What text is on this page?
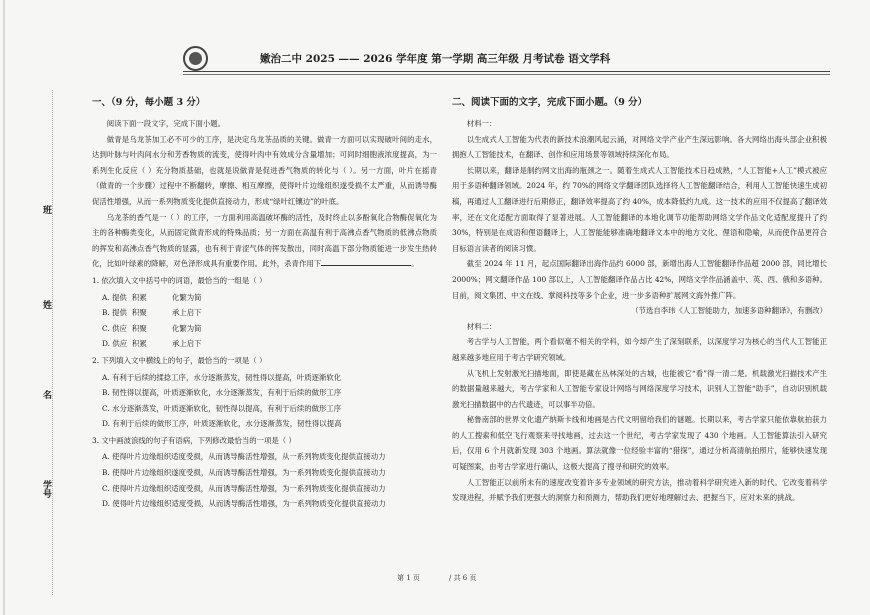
班
姓
名
学号
嫩治二中 2025 —— 2026 学年度 第一学期 高三年级 月考试卷 语文学科
一、（9 分，每小题 3 分）

阅读下面一段文字，完成下面小题。

做青是乌龙茶加工必不可少的工序，是决定乌龙茶品质的关键。做青一方面可以实现破叶间的走水，达到叶脉与叶肉间水分和芳香物质的流变，使得叶肉中有效成分含量增加；可同时细胞液浓度提高，为一系列生化反应（ ）充分物质基础，也就是说做青是促进香气物质的转化与（ ）。另一方面，叶片在摇青（做青的一个步骤）过程中不断翻转，摩擦、相互摩擦，使得叶片边缘组织遂受损不太严重，从而诱导酶促活性增强，从而一系列物质变化提供直接动力，形成“绿叶红镶边”的叶底。

乌龙茶的香气是一（ ）的工序，一方面利用高温破坏酶的活性，及时终止以多酚氧化合物酶促氧化为主的各种酶类变化，从而固定做青形成的特殊品质；另一方面在高温有利于高沸点香气物质的低沸点物质的挥发和高沸点香气物质的显露，也有利于青涩气体的挥发散出，同时高温下部分物质能进一步发生热转化，比如叶绿素的降解，对色泽形成具有重要作用。此外，杀青作用下	。

1. 依次填入文中括号中的词语，最恰当的一组是（ ）

A. 提供 积累	化繁为简
B. 提供 积聚	承上启下
C. 供应 积聚	化繁为简
D. 供应 积累	承上启下

2. 下列填入文中横线上的句子，最恰当的一项是（ ）

A. 有利于后续的揉捻工序，水分逐渐蒸发，韧性得以提高，叶质逐渐软化

B. 韧性得以提高，叶质逐渐软化，水分逐渐蒸发，有利于后续的做形工序

C. 水分逐渐蒸发，叶质逐渐软化，韧性得以提高，有利于后续的做形工序

D. 有利于后续的做形工序，叶质逐渐软化，水分逐渐蒸发，韧性得以提高

3. 文中画波浪线的句子有语病，下列修改最恰当的一项是（ ）

A. 使得叶片边缘组织适度受损，从而诱导酶活性增强，从一系列物质变化提供直接动力

B. 使得叶片边缘组织遂度受损，从而诱导酶活性增强，为一系列物质变化提供直接动力

C. 使得叶片边缘组织适度受损，从而诱导酶活性增强，为一系列物质变化提供直接动力

D. 使得叶片边缘组织适度受损，从而诱导酶活性增强，为一系列物质变化提供直接动力

二、阅读下面的文字，完成下面小题。（9 分）

材料一：

以生成式人工智能为代表的新技术浪潮风起云涌，对网络文学产业产生深远影响。各大网络出海头部企业积极拥抱人工智能技术，在翻译、创作和应用场景等领域持续深化布局。

长期以来，翻译是制约网文出海的瓶颈之一。随着生成式人工智能技术日趋成熟，“人工智能+人工”模式被应用于多语种翻译领域。2024 年，约 70%的网络文学翻译团队选择将人工智能翻译结合，利用人工智能快速生成初稿，再通过人工翻译进行后期修正，翻译效率提高了约 40%，成本降低约九成。这一技术的应用不仅提高了翻译效率，还在文化适配方面取得了显著进展。人工智能翻译的本地化调节功能帮助网络文学作品文化适配度提升了约 30%，特别是在成语和俚语翻译上，人工智能能够准确地翻译文本中的地方文化、俚语和隐喻，从而使作品更符合目标语言读者的阅读习惯。

截至 2024 年 11 月，起点国际翻译出海作品约 6000 部，新增出海人工智能翻译作品超 2000 部，同比增长 2000%；网文翻译作品 100 部以上，人工智能翻译作品占比 42%，网络文学作品涵盖中、英、西、俄和多语种。目前，阅文集团、中文在线、掌阅科技等多个企业，进一步多语种扩展网文海外推广阵。

（节选自李玮《人工智能助力，加速多语种翻译》，有删改）

材料二：

考古学与人工智能，两个看似毫不相关的学科，如今却产生了深刻联系，以深度学习为核心的当代人工智能正越来越多地应用于考古学研究领域。

从飞机上发射激光扫描地面，即使是藏在丛林深处的古城，也能被它“看”得一清二楚。机载激光扫描技术产生的数据量越来越大，考古学家和人工智能专家设计网络与网络深度学习技术，识别人工智能“助手”，自动识别机载激光扫描数据中的古代遗迹，可以事半功倍。

秘鲁南部的世界文化遗产纳斯卡线和地画是古代文明留给我们的谜题。长期以来，考古学家只能依靠航拍获力的人工搜索和低空飞行观察来寻找地画，过去这一个世纪，考古学家发现了 430 个地画。人工智能算法引入研究后，仅用 6 个月就新发现 303 个地画。算法就像一位经验丰富的“猎探”，通过分析高清航拍照片，能够快速发现可疑图案，由考古学家进行确认，这极大提高了搜寻和研究的效率。

人工智能正以前所未有的速度改变着许多专业领域的研究方法，推动着科学研究进入新的时代。它改变着科学发现进程，并赋予我们更强大的洞察力和预测力，帮助我们更好地理解过去、把握当下，应对未来的挑战。

第 1 页	/ 共 6 页
